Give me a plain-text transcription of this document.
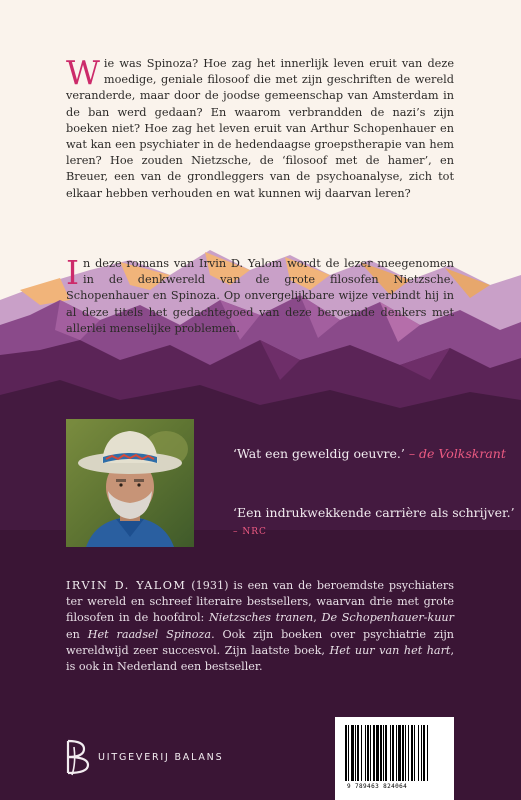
Wie was Spinoza? Hoe zag het innerlijk leven eruit van deze moedige, geniale filosoof die met zijn geschriften de wereld veranderde, maar door de joodse gemeenschap van Amsterdam in de ban werd gedaan? En waarom verbrandden de nazi’s zijn boeken niet? Hoe zag het leven eruit van Arthur Schopenhauer en wat kan een psychiater in de hedendaagse groepstherapie van hem leren? Hoe zouden Nietzsche, de ‘filosoof met de hamer’, en Breuer, een van de grondleggers van de psychoanalyse, zich tot elkaar hebben verhouden en wat kunnen wij daarvan leren?

In deze romans van Irvin D. Yalom wordt de lezer meegenomen in de denkwereld van de grote filosofen Nietzsche, Schopenhauer en Spinoza. Op onvergelijkbare wijze verbindt hij in al deze titels het gedachtegoed van deze beroemde denkers met allerlei menselijke problemen.

‘Wat een geweldig oeuvre.’ – de Volkskrant

‘Een indrukwekkende carrière als schrijver.’ – NRC

IRVIN D. YALOM (1931) is een van de beroemdste psychiaters ter wereld en schreef literaire bestsellers, waarvan drie met grote filosofen in de hoofdrol: Nietzsches tranen, De Schopenhauer-kuur en Het raadsel Spinoza. Ook zijn boeken over psychiatrie zijn wereldwijd zeer succesvol. Zijn laatste boek, Het uur van het hart, is ook in Nederland een bestseller.

UITGEVERIJ BALANS
9 789463 824064
